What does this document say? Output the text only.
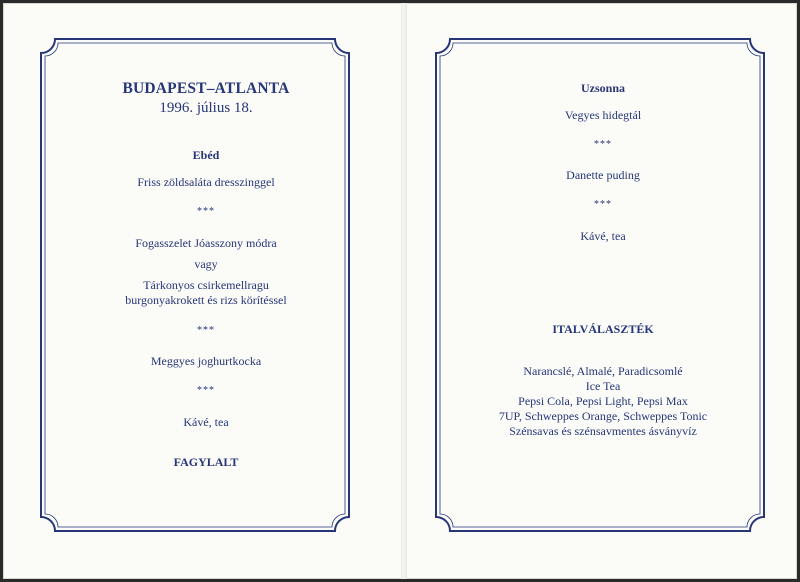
BUDAPEST–ATLANTA
1996. július 18.
Ebéd
Friss zöldsaláta dresszinggel
***
Fogasszelet Jóasszony módra
vagy
Tárkonyos csirkemellragu
burgonyakrokett és rizs körítéssel
***
Meggyes joghurtkocka
***
Kávé, tea
FAGYLALT
Uzsonna
Vegyes hidegtál
***
Danette puding
***
Kávé, tea
ITALVÁLASZTÉK
Narancslé, Almalé, Paradicsomlé
Ice Tea
Pepsi Cola, Pepsi Light, Pepsi Max
7UP, Schweppes Orange, Schweppes Tonic
Szénsavas és szénsavmentes ásványvíz
